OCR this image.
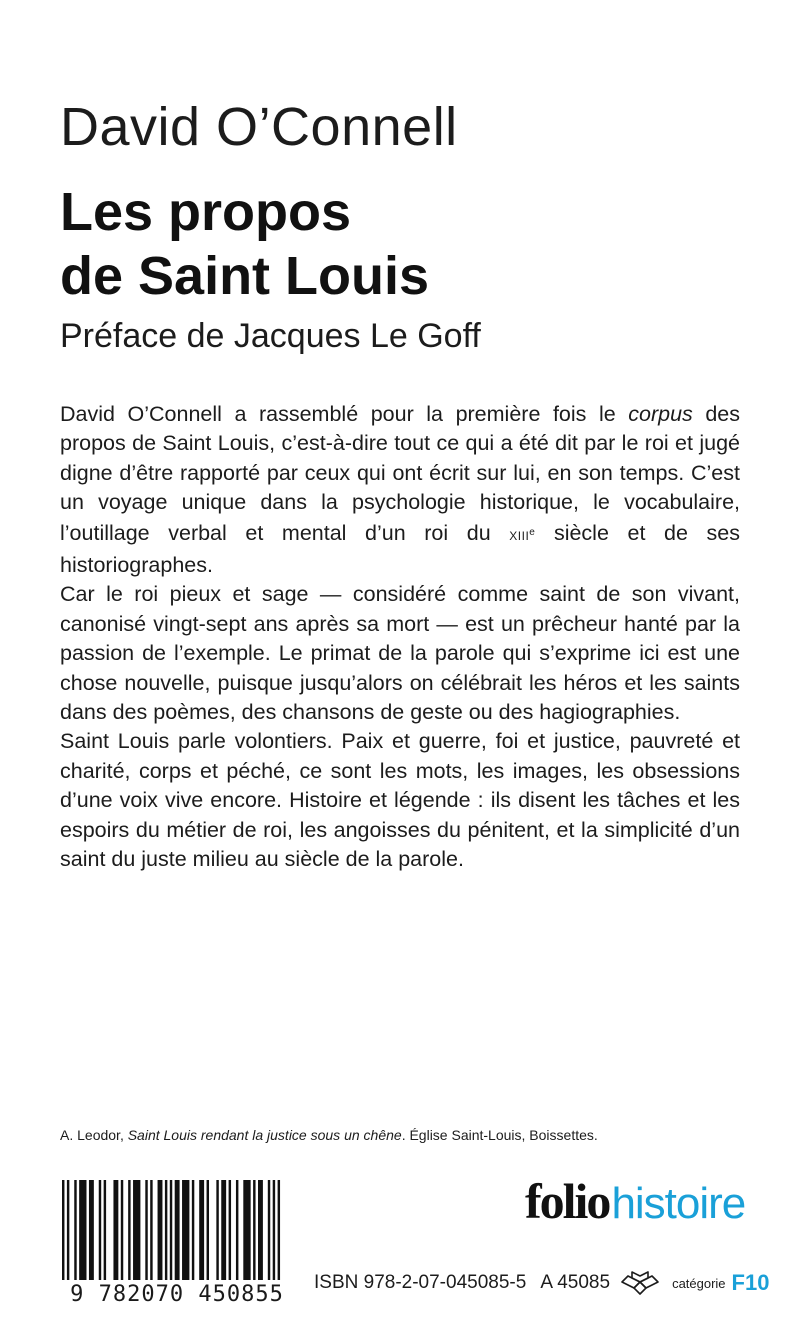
David O’Connell
Les propos
de Saint Louis
Préface de Jacques Le Goff

David O’Connell a rassemblé pour la première fois le corpus des propos de Saint Louis, c’est-à-dire tout ce qui a été dit par le roi et jugé digne d’être rapporté par ceux qui ont écrit sur lui, en son temps. C’est un voyage unique dans la psychologie historique, le vocabulaire, l’outillage verbal et mental d’un roi du XIIIe siècle et de ses historiographes.

Car le roi pieux et sage — considéré comme saint de son vivant, canonisé vingt-sept ans après sa mort — est un prêcheur hanté par la passion de l’exemple. Le primat de la parole qui s’exprime ici est une chose nouvelle, puisque jusqu’alors on célébrait les héros et les saints dans des poèmes, des chansons de geste ou des hagiographies.

Saint Louis parle volontiers. Paix et guerre, foi et justice, pauvreté et charité, corps et péché, ce sont les mots, les images, les obsessions d’une voix vive encore. Histoire et légende : ils disent les tâches et les espoirs du métier de roi, les angoisses du pénitent, et la simplicité d’un saint du juste milieu au siècle de la parole.

A. Leodor, Saint Louis rendant la justice sous un chêne. Église Saint-Louis, Boissettes.
9 782070 450855
folio histoire
ISBN 978-2-07-045085-5 A 45085	catégorie F10
